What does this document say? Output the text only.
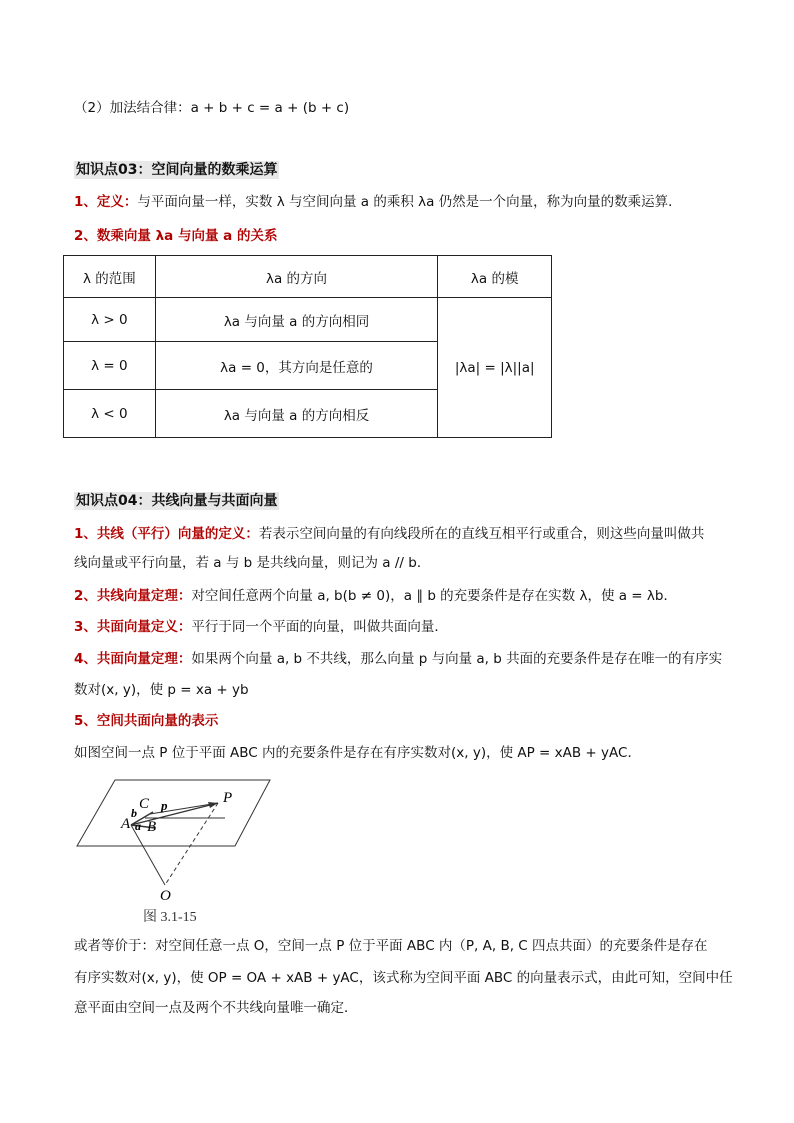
（2）加法结合律：a + b + c = a + (b + c)
知识点03：空间向量的数乘运算
1、定义：与平面向量一样，实数 λ 与空间向量 a 的乘积 λa 仍然是一个向量，称为向量的数乘运算．
2、数乘向量 λa 与向量 a 的关系
λ 的范围	λa 的方向	λa 的模
λ > 0	λa 与向量 a 的方向相同	|λa| = |λ||a|
λ = 0	λa = 0，其方向是任意的	
λ < 0	λa 与向量 a 的方向相反	
知识点04：共线向量与共面向量
1、共线（平行）向量的定义：若表示空间向量的有向线段所在的直线互相平行或重合，则这些向量叫做共
线向量或平行向量，若 a 与 b 是共线向量，则记为 a // b．
2、共线向量定理：对空间任意两个向量 a, b(b ≠ 0)，a ∥ b 的充要条件是存在实数 λ，使 a = λb．
3、共面向量定义：平行于同一个平面的向量，叫做共面向量．
4、共面向量定理：如果两个向量 a, b 不共线，那么向量 p 与向量 a, b 共面的充要条件是存在唯一的有序实
数对(x, y)，使 p = xa + yb
5、空间共面向量的表示
如图空间一点 P 位于平面 ABC 内的充要条件是存在有序实数对(x, y)，使 AP = xAB + yAC．
A B
C	P
O
a
b p
图 3.1-15
或者等价于：对空间任意一点 O，空间一点 P 位于平面 ABC 内（P, A, B, C 四点共面）的充要条件是存在
有序实数对(x, y)，使 OP = OA + xAB + yAC，该式称为空间平面 ABC 的向量表示式，由此可知，空间中任
意平面由空间一点及两个不共线向量唯一确定．
